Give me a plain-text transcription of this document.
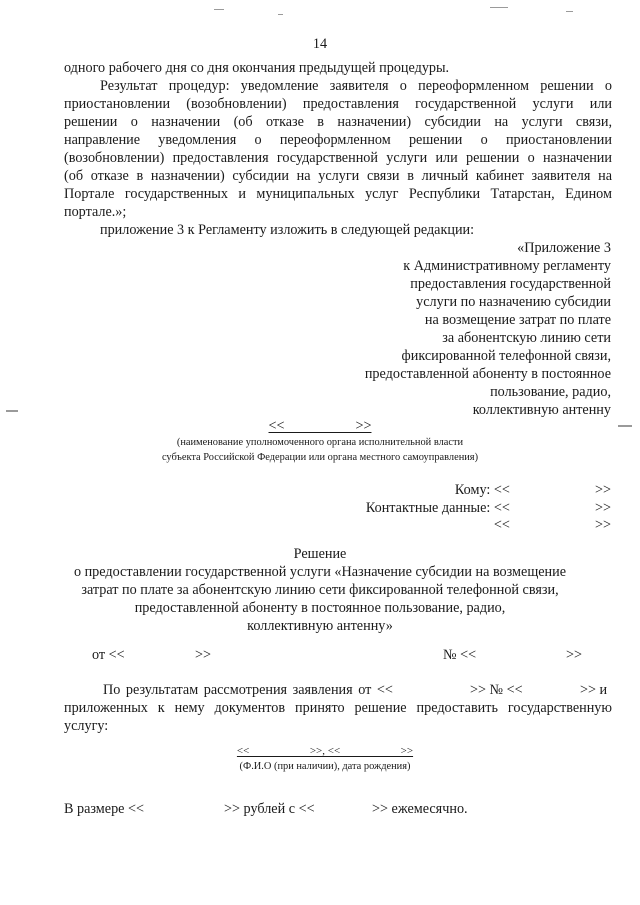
14
одного рабочего дня со дня окончания предыдущей процедуры.
Результат процедур: уведомление заявителя о переоформленном решении о
приостановлении (возобновлении) предоставления государственной услуги или
решении о назначении (об отказе в назначении) субсидии на услуги связи,
направление уведомления о переоформленном решении о приостановлении
(возобновлении) предоставления государственной услуги или решении о назначении
(об отказе в назначении) субсидии на услуги связи в личный кабинет заявителя на
Портале государственных и муниципальных услуг Республики Татарстан, Едином
портале.»;
приложение 3 к Регламенту изложить в следующей редакции:
«Приложение 3
к Административному регламенту
предоставления государственной
услуги по назначению субсидии
на возмещение затрат по плате
за абонентскую линию сети
фиксированной телефонной связи,
предоставленной абоненту в постоянное
пользование, радио,
коллективную антенну
<<                    >>
(наименование уполномоченного органа исполнительной власти
субъекта Российской Федерации или органа местного самоуправления)
Кому: <<                        >>
Контактные данные: <<                        >>
<<                        >>
Решение
о предоставлении государственной услуги «Назначение субсидии на возмещение
затрат по плате за абонентскую линию сети фиксированной телефонной связи,
предоставленной абоненту в постоянное пользование, радио,
коллективную антенну»
от <<	>>	№ <<	>>
По результатам рассмотрения заявления от <<	>> № <<	>> и
приложенных к нему документов принято решение предоставить государственную
услугу:
<<                      >>, <<                      >>
(Ф.И.О (при наличии), дата рождения)
В размере <<	>> рублей с <<	>> ежемесячно.
